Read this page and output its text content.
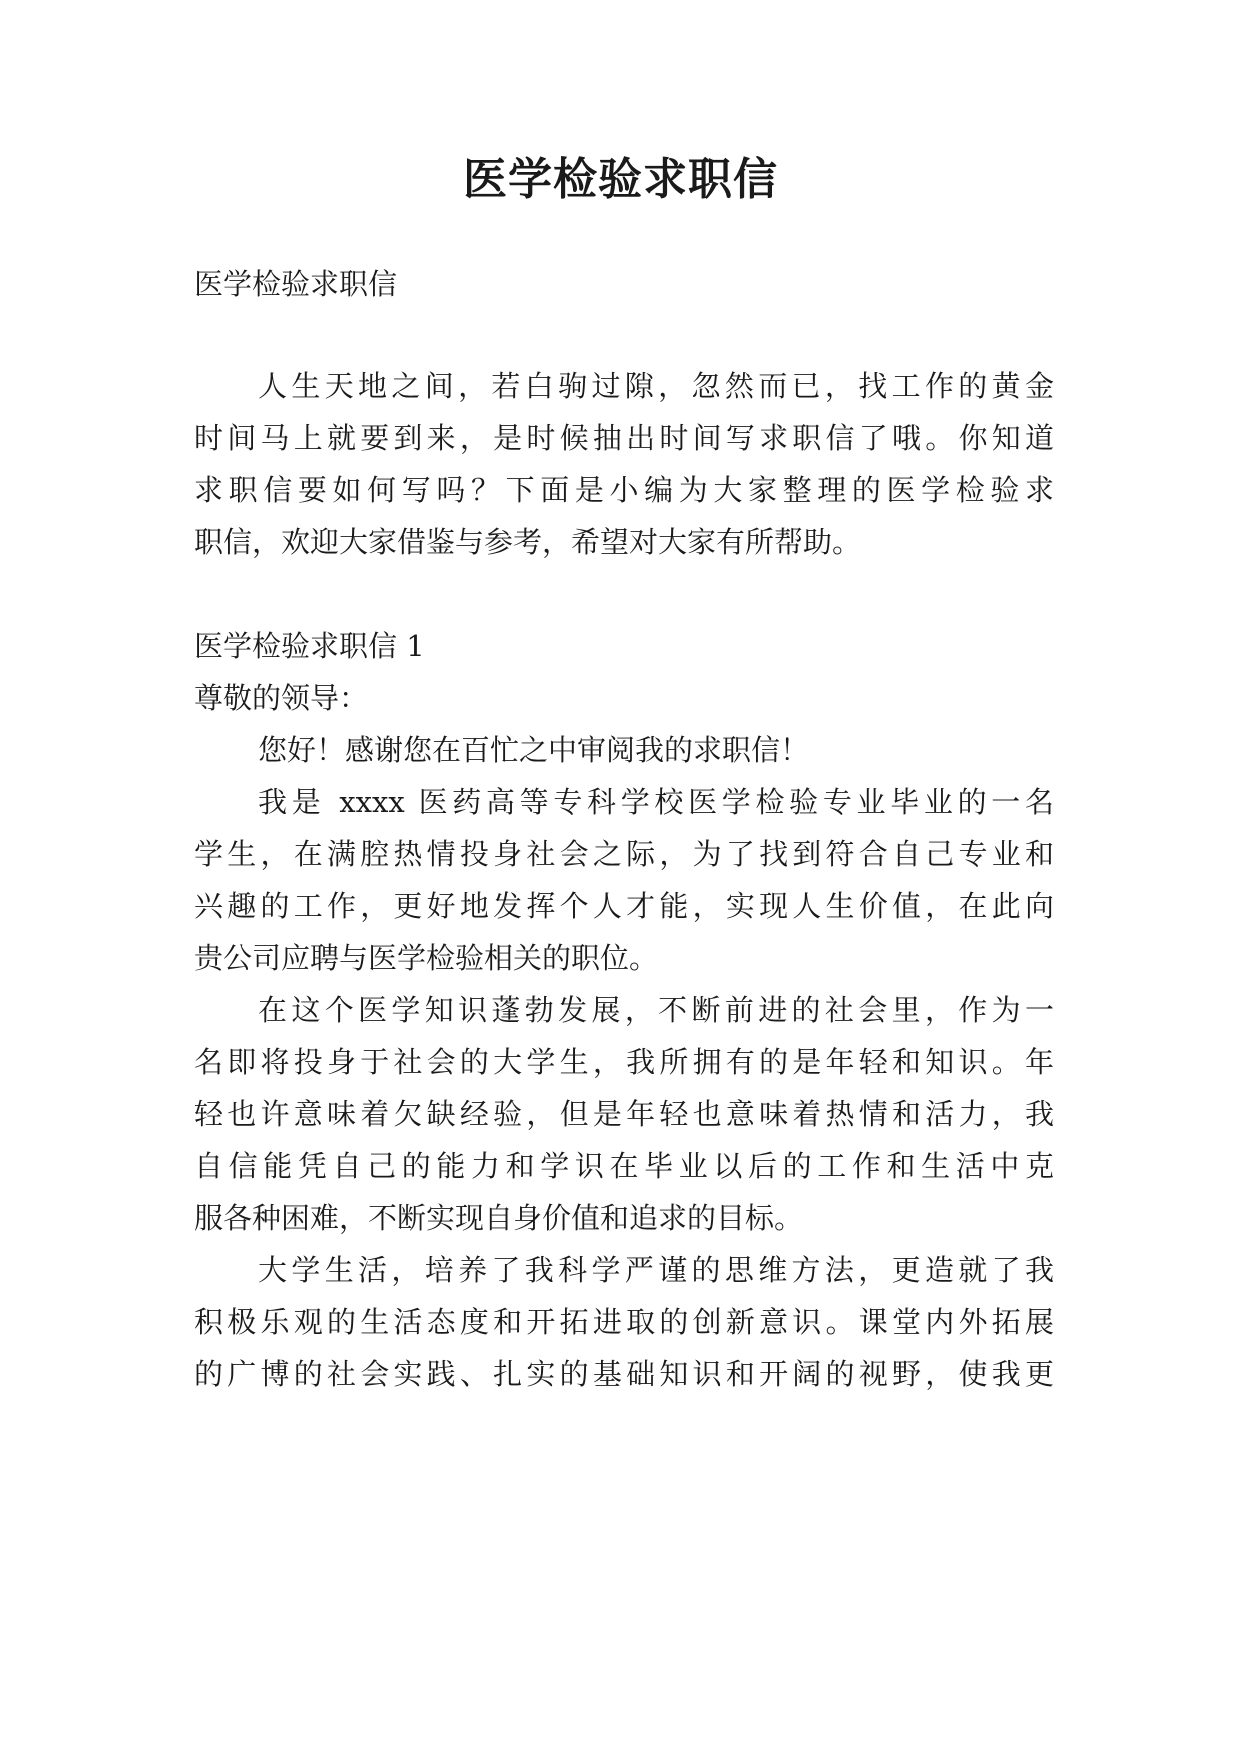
医学检验求职信
医学检验求职信
人生天地之间，若白驹过隙，忽然而已，找工作的黄金
时间马上就要到来，是时候抽出时间写求职信了哦。你知道
求职信要如何写吗？下面是小编为大家整理的医学检验求
职信，欢迎大家借鉴与参考，希望对大家有所帮助。
医学检验求职信 1
尊敬的领导：
您好！感谢您在百忙之中审阅我的求职信！
我是 xxxx 医药高等专科学校医学检验专业毕业的一名
学生，在满腔热情投身社会之际，为了找到符合自己专业和
兴趣的工作，更好地发挥个人才能，实现人生价值，在此向
贵公司应聘与医学检验相关的职位。
在这个医学知识蓬勃发展，不断前进的社会里，作为一
名即将投身于社会的大学生，我所拥有的是年轻和知识。年
轻也许意味着欠缺经验，但是年轻也意味着热情和活力，我
自信能凭自己的能力和学识在毕业以后的工作和生活中克
服各种困难，不断实现自身价值和追求的目标。
大学生活，培养了我科学严谨的思维方法，更造就了我
积极乐观的生活态度和开拓进取的创新意识。课堂内外拓展
的广博的社会实践、扎实的基础知识和开阔的视野，使我更
